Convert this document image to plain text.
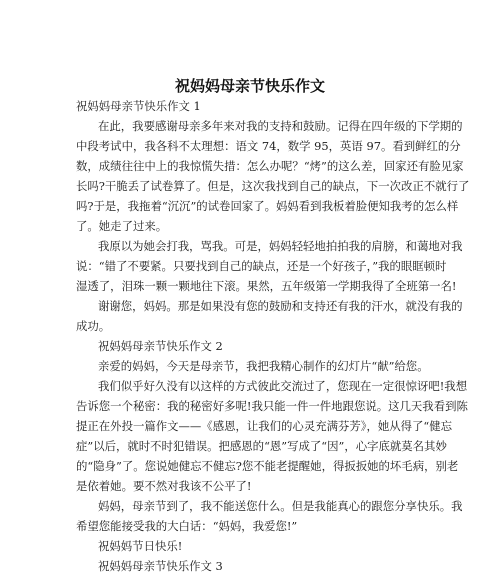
祝妈妈母亲节快乐作文
祝妈妈母亲节快乐作文 1
在此，我要感谢母亲多年来对我的支持和鼓励。记得在四年级的下学期的
中段考试中，我各科不太理想：语文 74，数学 95，英语 97。看到鲜红的分
数，成绩往往中上的我惊慌失措：怎么办呢？“烤”的这么差，回家还有脸见家
长吗?干脆丢了试卷算了。但是，这次我找到自己的缺点，下一次改正不就行了
吗?于是，我拖着“沉沉”的试卷回家了。妈妈看到我板着脸便知我考的怎么样
了。她走了过来。
我原以为她会打我，骂我。可是，妈妈轻轻地拍拍我的肩膀，和蔼地对我
说：“错了不要紧。只要找到自己的缺点，还是一个好孩子，”我的眼眶顿时
湿透了，泪珠一颗一颗地往下滚。果然，五年级第一学期我得了全班第一名!
谢谢您，妈妈。那是如果没有您的鼓励和支持还有我的汗水，就没有我的
成功。
祝妈妈母亲节快乐作文 2
亲爱的妈妈，今天是母亲节，我把我精心制作的幻灯片“献”给您。
我们似乎好久没有以这样的方式彼此交流过了，您现在一定很惊讶吧!我想
告诉您一个秘密：我的秘密好多呢!我只能一件一件地跟您说。这几天我看到陈
提正在外投一篇作文——《感恩，让我们的心灵充满芬芳》，她从得了“健忘
症”以后，就时不时犯错误。把感恩的“恩”写成了“因”，心字底就莫名其妙
的“隐身”了。您说她健忘不健忘?您不能老提醒她，得扳扳她的坏毛病，别老
是依着她。要不然对我该不公平了!
妈妈，母亲节到了，我不能送您什么。但是我能真心的跟您分享快乐。我
希望您能接受我的大白话：“妈妈，我爱您!”
祝妈妈节日快乐!
祝妈妈母亲节快乐作文 3
